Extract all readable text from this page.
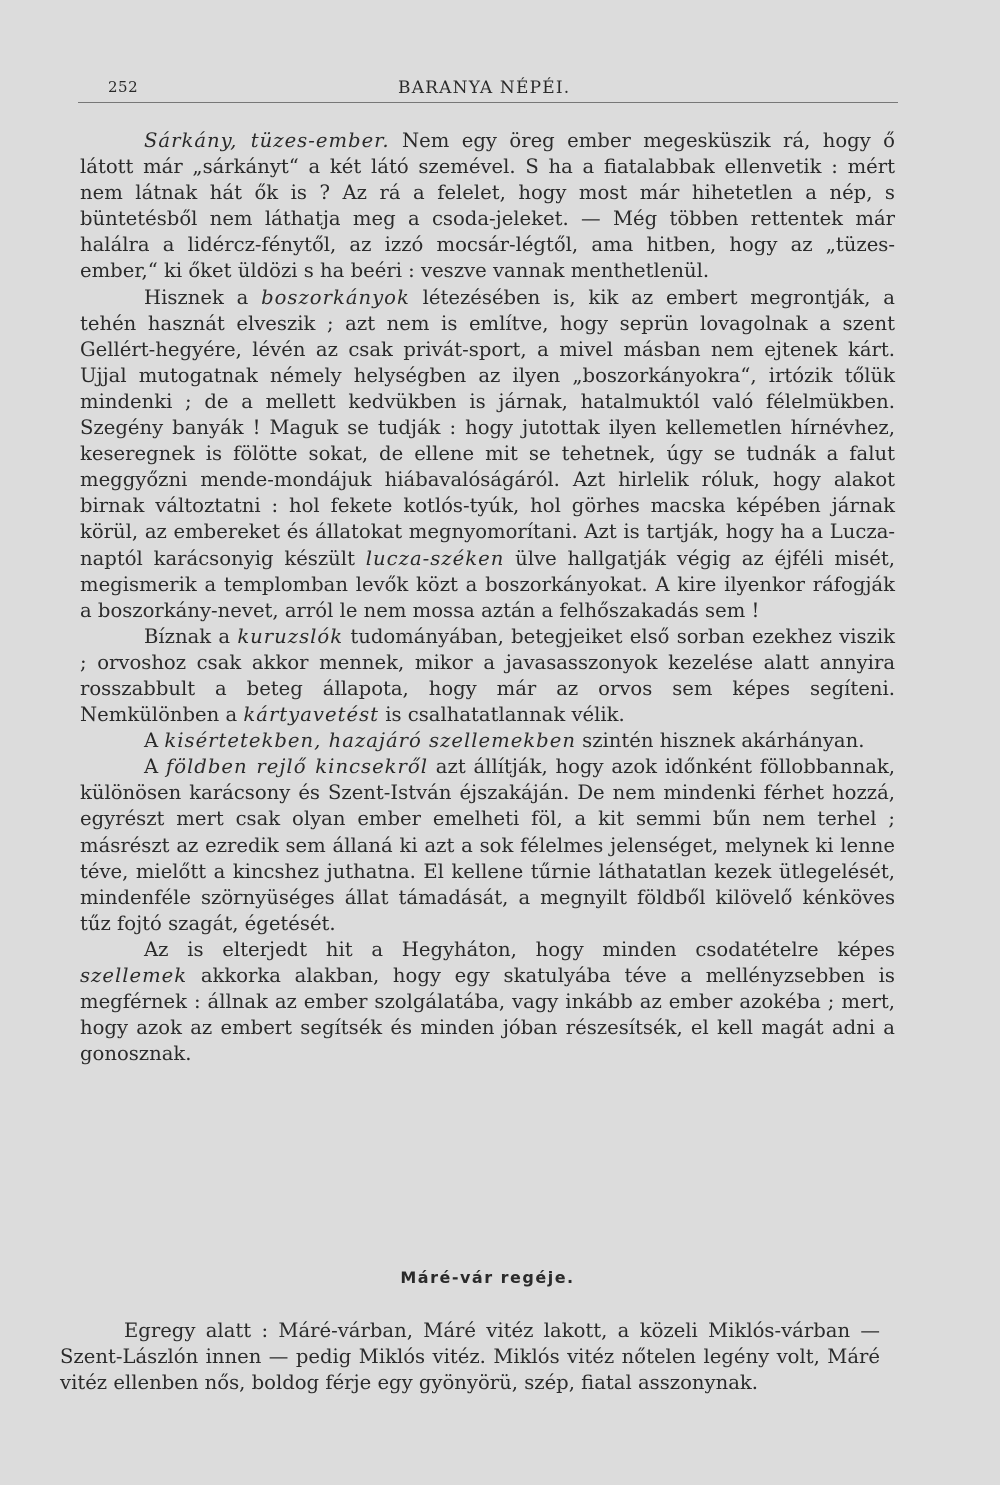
252	BARANYA NÉPÉI.

Sárkány, tüzes-ember. Nem egy öreg ember megesküszik rá, hogy ő látott már „sárkányt“ a két látó szemével. S ha a fiatalabbak ellenvetik : mért nem látnak hát ők is ? Az rá a felelet, hogy most már hihetetlen a nép, s büntetésből nem láthatja meg a csoda-jeleket. — Még többen rettentek már halálra a lidércz-fénytől, az izzó mocsár-légtől, ama hitben, hogy az „tüzes-ember,“ ki őket üldözi s ha beéri : veszve vannak menthetlenül.

Hisznek a boszorkányok létezésében is, kik az embert megrontják, a tehén hasznát elveszik ; azt nem is említve, hogy seprün lovagolnak a szent Gellért-hegyére, lévén az csak privát-sport, a mivel másban nem ejtenek kárt. Ujjal mutogatnak némely helységben az ilyen „boszorkányokra“, irtózik tőlük mindenki ; de a mellett kedvükben is járnak, hatalmuktól való félelmükben. Szegény banyák ! Maguk se tudják : hogy jutottak ilyen kellemetlen hírnévhez, keseregnek is fölötte sokat, de ellene mit se tehetnek, úgy se tudnák a falut meggyőzni mende-mondájuk hiábavalóságáról. Azt hirlelik róluk, hogy alakot birnak változtatni : hol fekete kotlós-tyúk, hol görhes macska képében járnak körül, az embereket és állatokat megnyomorítani. Azt is tartják, hogy ha a Lucza-naptól karácsonyig készült lucza-széken ülve hallgatják végig az éjféli misét, megismerik a templomban levők közt a boszorkányokat. A kire ilyenkor ráfogják a boszorkány-nevet, arról le nem mossa aztán a felhőszakadás sem !

Bíznak a kuruzslók tudományában, betegjeiket első sorban ezekhez viszik ; orvoshoz csak akkor mennek, mikor a javasasszonyok kezelése alatt annyira rosszabbult a beteg állapota, hogy már az orvos sem képes segíteni. Nemkülönben a kártyavetést is csalhatatlannak vélik.

A kisértetekben, hazajáró szellemekben szintén hisznek akárhányan.

A földben rejlő kincsekről azt állítják, hogy azok időnként föllobbannak, különösen karácsony és Szent-István éjszakáján. De nem mindenki férhet hozzá, egyrészt mert csak olyan ember emelheti föl, a kit semmi bűn nem terhel ; másrészt az ezredik sem állaná ki azt a sok félelmes jelenséget, melynek ki lenne téve, mielőtt a kincshez juthatna. El kellene tűrnie láthatatlan kezek ütlegelését, mindenféle szörnyüséges állat támadását, a megnyilt földből kilövelő kénköves tűz fojtó szagát, égetését.

Az is elterjedt hit a Hegyháton, hogy minden csodatételre képes szellemek akkorka alakban, hogy egy skatulyába téve a mellényzsebben is megférnek : állnak az ember szolgálatába, vagy inkább az ember azokéba ; mert, hogy azok az embert segítsék és minden jóban részesítsék, el kell magát adni a gonosznak.

Máré-vár regéje.

Egregy alatt : Máré-várban, Máré vitéz lakott, a közeli Miklós-várban — Szent-Lászlón innen — pedig Miklós vitéz. Miklós vitéz nőtelen legény volt, Máré vitéz ellenben nős, boldog férje egy gyönyörü, szép, fiatal asszonynak.
